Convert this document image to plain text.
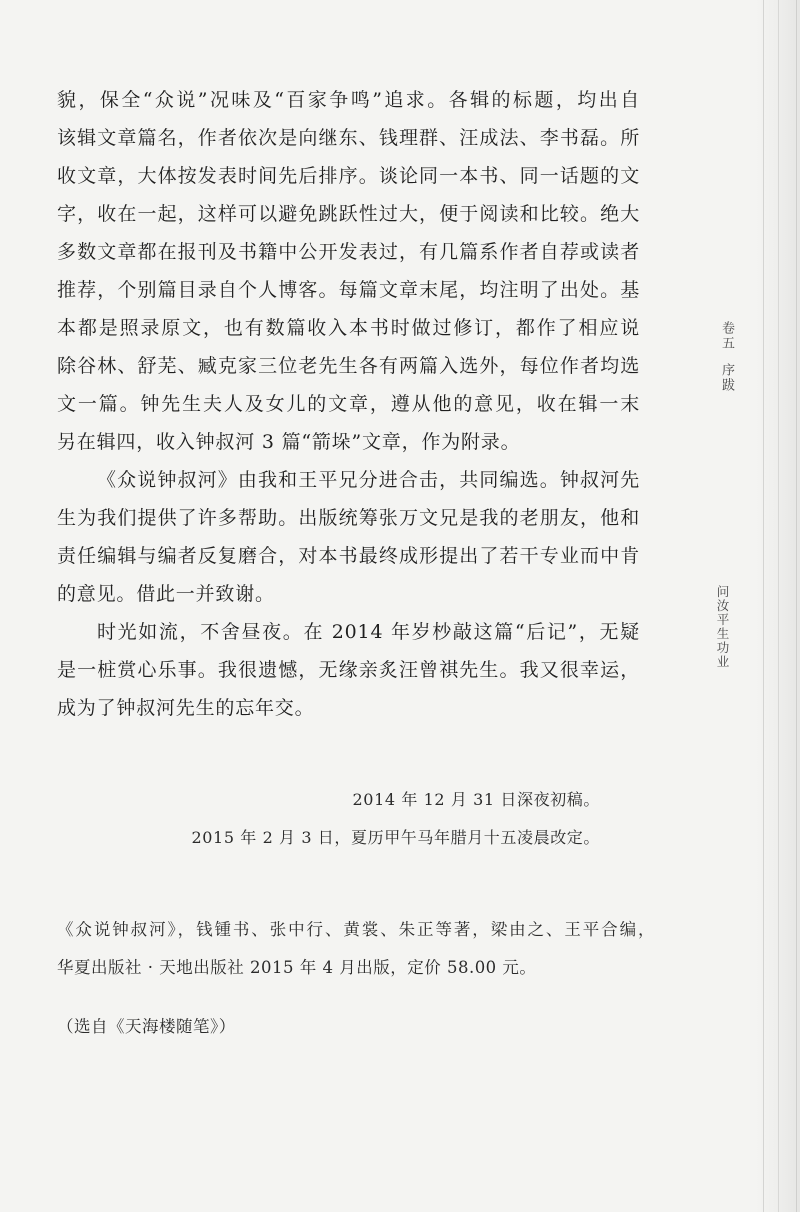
貌，保全“众说”况味及“百家争鸣”追求。各辑的标题，均出自
该辑文章篇名，作者依次是向继东、钱理群、汪成法、李书磊。所
收文章，大体按发表时间先后排序。谈论同一本书、同一话题的文
字，收在一起，这样可以避免跳跃性过大，便于阅读和比较。绝大
多数文章都在报刊及书籍中公开发表过，有几篇系作者自荐或读者
推荐，个别篇目录自个人博客。每篇文章末尾，均注明了出处。基
本都是照录原文，也有数篇收入本书时做过修订，都作了相应说
除谷林、舒芜、臧克家三位老先生各有两篇入选外，每位作者均选
文一篇。钟先生夫人及女儿的文章，遵从他的意见，收在辑一末
另在辑四，收入钟叔河 3 篇“箭垛”文章，作为附录。
《众说钟叔河》由我和王平兄分进合击，共同编选。钟叔河先
生为我们提供了许多帮助。出版统筹张万文兄是我的老朋友，他和
责任编辑与编者反复磨合，对本书最终成形提出了若干专业而中肯
的意见。借此一并致谢。
时光如流，不舍昼夜。在 2014 年岁杪敲这篇“后记”，无疑
是一桩赏心乐事。我很遗憾，无缘亲炙汪曾祺先生。我又很幸运，
成为了钟叔河先生的忘年交。
2014 年 12 月 31 日深夜初稿。
2015 年 2 月 3 日，夏历甲午马年腊月十五凌晨改定。
《众说钟叔河》，钱锺书、张中行、黄裳、朱正等著，梁由之、王平合编，
华夏出版社 · 天地出版社 2015 年 4 月出版，定价 58.00 元。
（选自《天海楼随笔》）
卷五
序跋
问汝平生功业
